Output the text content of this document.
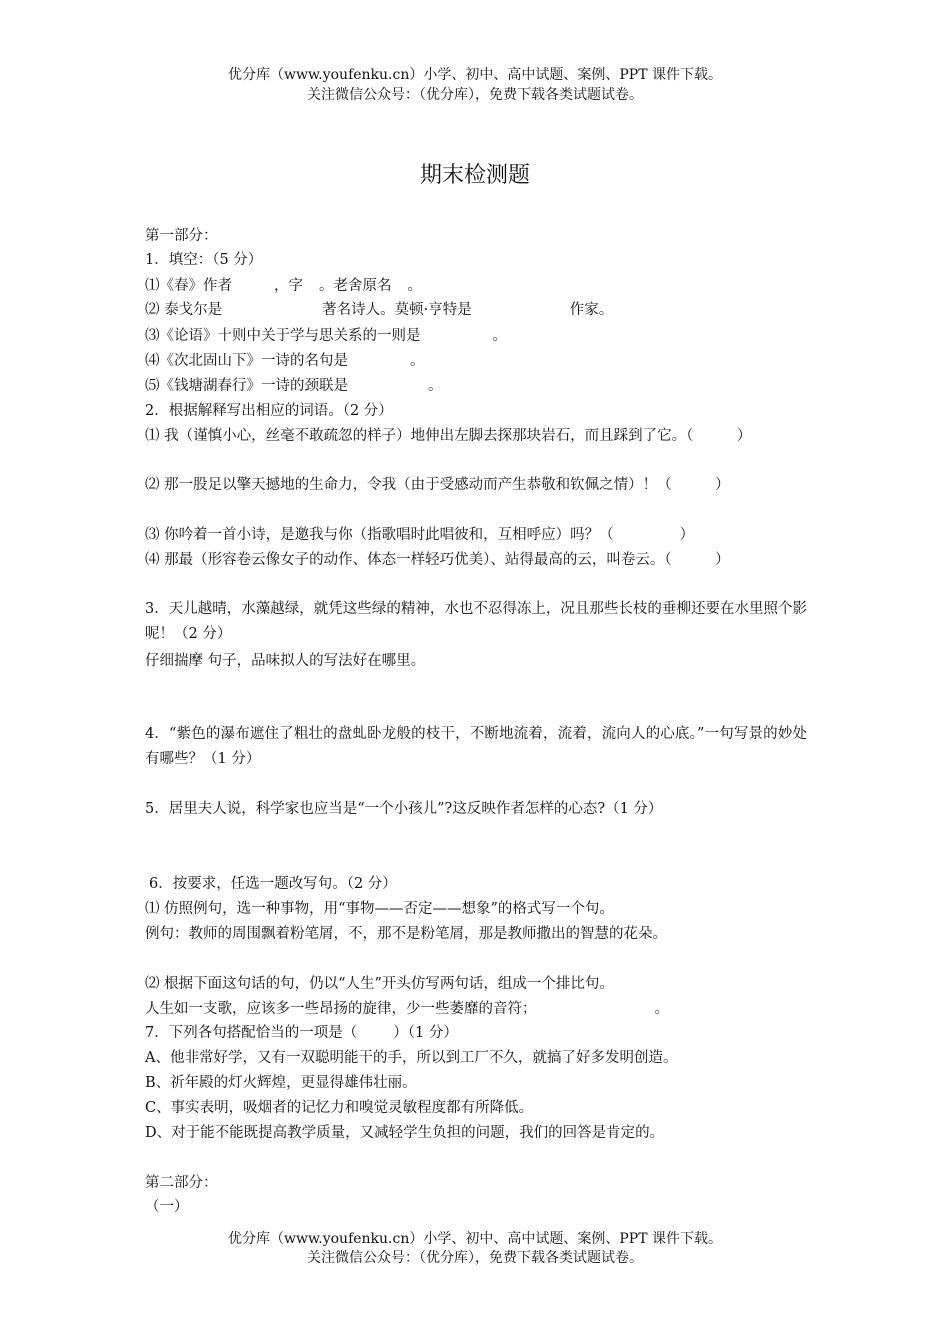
优分库（www.youfenku.cn）小学、初中、高中试题、案例、PPT 课件下载。
关注微信公众号：（优分库），免费下载各类试题试卷。
期末检测题
第一部分：
1．填空：（5 分）
⑴《春》作者	，字 。老舍原名 。
⑵ 泰戈尔是	著名诗人。莫顿·亨特是	作家。
⑶《论语》十则中关于学与思关系的一则是	。
⑷《次北固山下》一诗的名句是	。
⑸《钱塘湖春行》一诗的颈联是	。
2．根据解释写出相应的词语。（2 分）
⑴ 我（谨慎小心，丝毫不敢疏忽的样子）地伸出左脚去探那块岩石，而且踩到了它。（　　　）
⑵ 那一股足以擎天撼地的生命力，令我（由于受感动而产生恭敬和钦佩之情）！（　　　）
⑶ 你吟着一首小诗，是邀我与你（指歌唱时此唱彼和，互相呼应）吗？（	）
⑷ 那最（形容卷云像女子的动作、体态一样轻巧优美）、站得最高的云，叫卷云。（　　　）
3．天儿越晴，水藻越绿，就凭这些绿的精神，水也不忍得冻上，况且那些长枝的垂柳还要在水里照个影呢！（2 分）
仔细揣摩 句子，品味拟人的写法好在哪里。
4．“紫色的瀑布遮住了粗壮的盘虬卧龙般的枝干，不断地流着，流着，流向人的心底。”一句写景的妙处有哪些？（1 分）
5．居里夫人说，科学家也应当是“一个小孩儿”?这反映作者怎样的心态?（1 分）
6．按要求，任选一题改写句。（2 分）
⑴ 仿照例句，选一种事物，用“事物——否定——想象”的格式写一个句。
例句：教师的周围飘着粉笔屑，不，那不是粉笔屑，那是教师撒出的智慧的花朵。
⑵ 根据下面这句话的句，仍以“人生”开头仿写两句话，组成一个排比句。
人生如一支歌，应该多一些昂扬的旋律，少一些萎靡的音符；	。
7．下列各句搭配恰当的一项是（ ）（1 分）
A、他非常好学，又有一双聪明能干的手，所以到工厂不久，就搞了好多发明创造。
B、祈年殿的灯火辉煌，更显得雄伟壮丽。
C、事实表明，吸烟者的记忆力和嗅觉灵敏程度都有所降低。
D、对于能不能既提高教学质量，又减轻学生负担的问题，我们的回答是肯定的。
第二部分：
（一）
优分库（www.youfenku.cn）小学、初中、高中试题、案例、PPT 课件下载。
关注微信公众号：（优分库），免费下载各类试题试卷。
